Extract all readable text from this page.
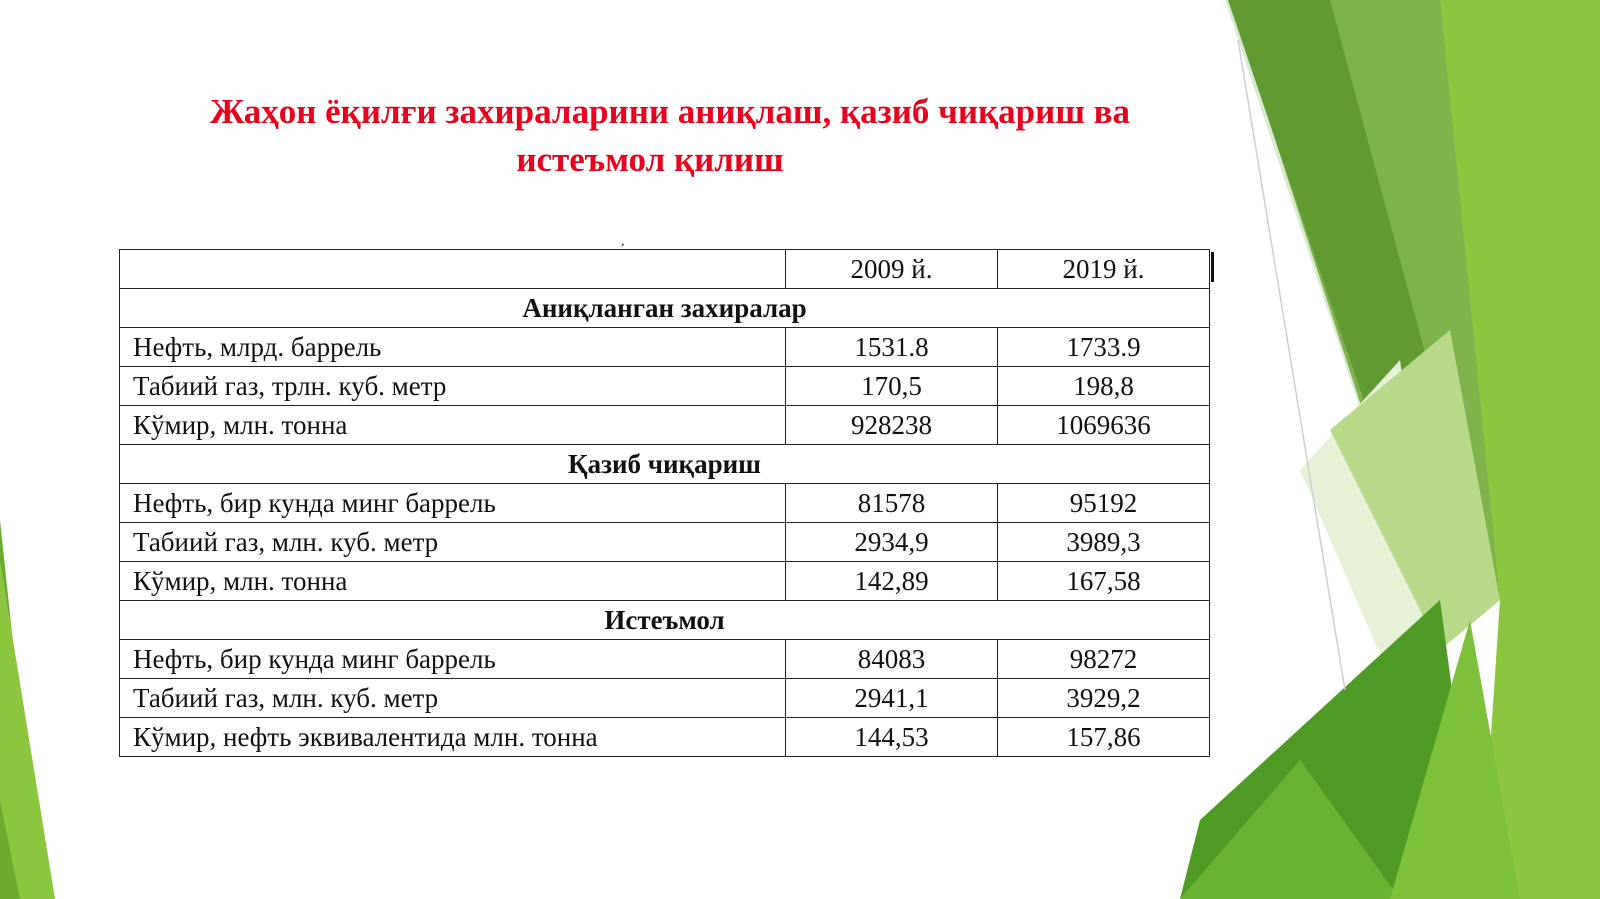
Жаҳон ёқилғи захираларини аниқлаш, қазиб чиқариш ва
истеъмол қилиш
,
	2009 й.	2019 й.
Аниқланган захиралар		
Нефть, млрд. баррель	1531.8	1733.9
Табиий газ, трлн. куб. метр	170,5	198,8
Кўмир, млн. тонна	928238	1069636
Қазиб чиқариш		
Нефть, бир кунда минг баррель	81578	95192
Табиий газ, млн. куб. метр	2934,9	3989,3
Кўмир, млн. тонна	142,89	167,58
Истеъмол		
Нефть, бир кунда минг баррель	84083	98272
Табиий газ, млн. куб. метр	2941,1	3929,2
Кўмир, нефть эквивалентида млн. тонна	144,53	157,86
